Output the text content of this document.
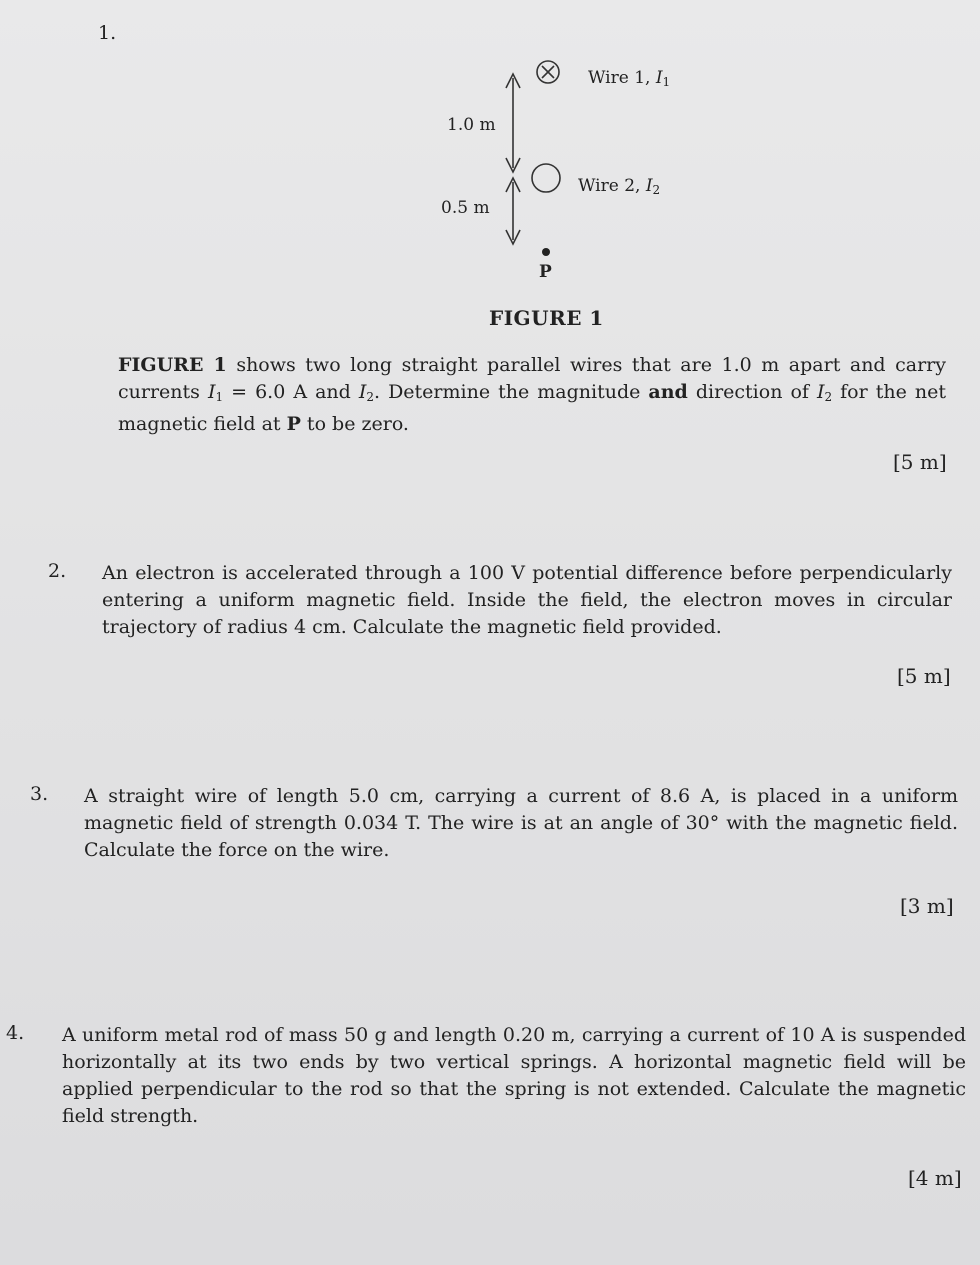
1.
Wire 1, $I_1$
Wire 2, $I_2$
1.0 m
0.5 m
P
FIGURE 1
FIGURE 1 shows two long straight parallel wires that are 1.0 m apart and carry currents $I_1 = 6.0$ A and $I_2$. Determine the magnitude and direction of $I_2$ for the net magnetic field at P to be zero.
[5 m]
2. An electron is accelerated through a 100 V potential difference before perpendicularly entering a uniform magnetic field. Inside the field, the electron moves in circular trajectory of radius 4 cm. Calculate the magnetic field provided.
[5 m]
3. A straight wire of length 5.0 cm, carrying a current of 8.6 A, is placed in a uniform magnetic field of strength 0.034 T. The wire is at an angle of 30° with the magnetic field. Calculate the force on the wire.
[3 m]
4. A uniform metal rod of mass 50 g and length 0.20 m, carrying a current of 10 A is suspended horizontally at its two ends by two vertical springs. A horizontal magnetic field will be applied perpendicular to the rod so that the spring is not extended. Calculate the magnetic field strength.
[4 m]
